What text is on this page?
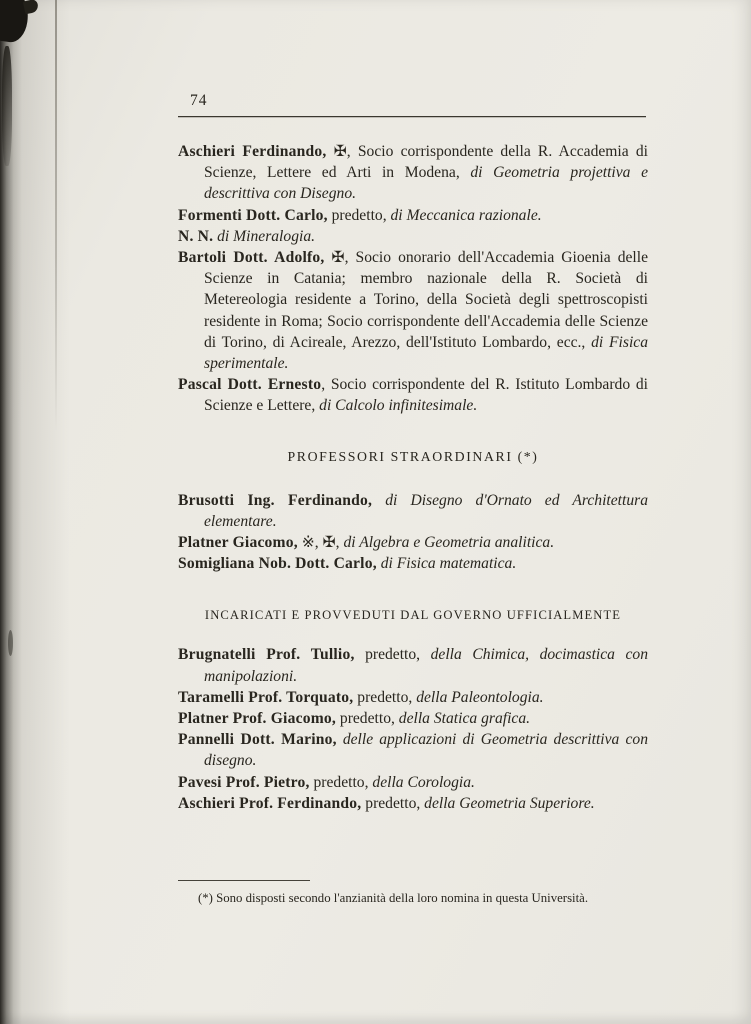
74

Aschieri Ferdinando, ✠, Socio corrispondente della R. Accademia di Scienze, Lettere ed Arti in Modena, di Geometria projettiva e descrittiva con Disegno.

Formenti Dott. Carlo, predetto, di Meccanica razionale.

N. N. di Mineralogia.

Bartoli Dott. Adolfo, ✠, Socio onorario dell'Accademia Gioenia delle Scienze in Catania; membro nazionale della R. Società di Metereologia residente a Torino, della Società degli spettroscopisti residente in Roma; Socio corrispondente dell'Accademia delle Scienze di Torino, di Acireale, Arezzo, dell'Istituto Lombardo, ecc., di Fisica sperimentale.

Pascal Dott. Ernesto, Socio corrispondente del R. Istituto Lombardo di Scienze e Lettere, di Calcolo infinitesimale.

PROFESSORI STRAORDINARI (*)

Brusotti Ing. Ferdinando, di Disegno d'Ornato ed Architettura elementare.

Platner Giacomo, ※, ✠, di Algebra e Geometria analitica.

Somigliana Nob. Dott. Carlo, di Fisica matematica.

INCARICATI E PROVVEDUTI DAL GOVERNO UFFICIALMENTE

Brugnatelli Prof. Tullio, predetto, della Chimica, docimastica con manipolazioni.

Taramelli Prof. Torquato, predetto, della Paleontologia.

Platner Prof. Giacomo, predetto, della Statica grafica.

Pannelli Dott. Marino, delle applicazioni di Geometria descrittiva con disegno.

Pavesi Prof. Pietro, predetto, della Corologia.

Aschieri Prof. Ferdinando, predetto, della Geometria Superiore.

(*) Sono disposti secondo l'anzianità della loro nomina in questa Università.
